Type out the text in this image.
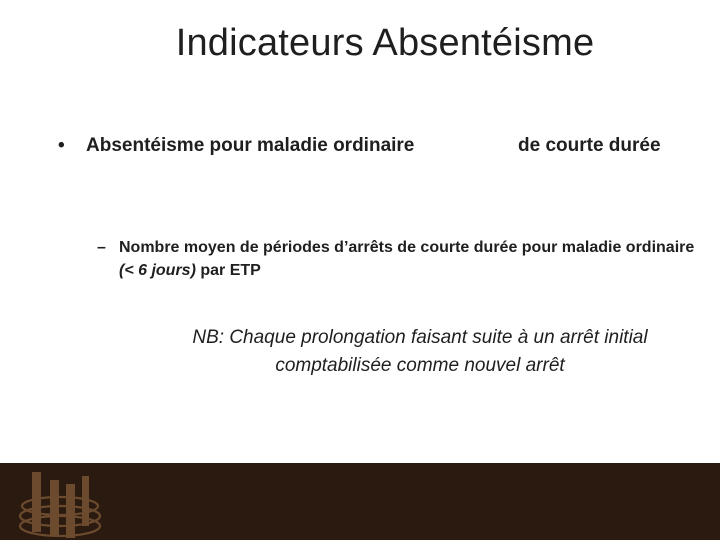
Indicateurs Absentéisme
• Absentéisme pour maladie ordinaire	de courte durée
– Nombre moyen de périodes d’arrêts de courte durée pour maladie ordinaire (< 6 jours) par ETP
NB: Chaque prolongation faisant suite à un arrêt initial
comptabilisée comme nouvel arrêt
